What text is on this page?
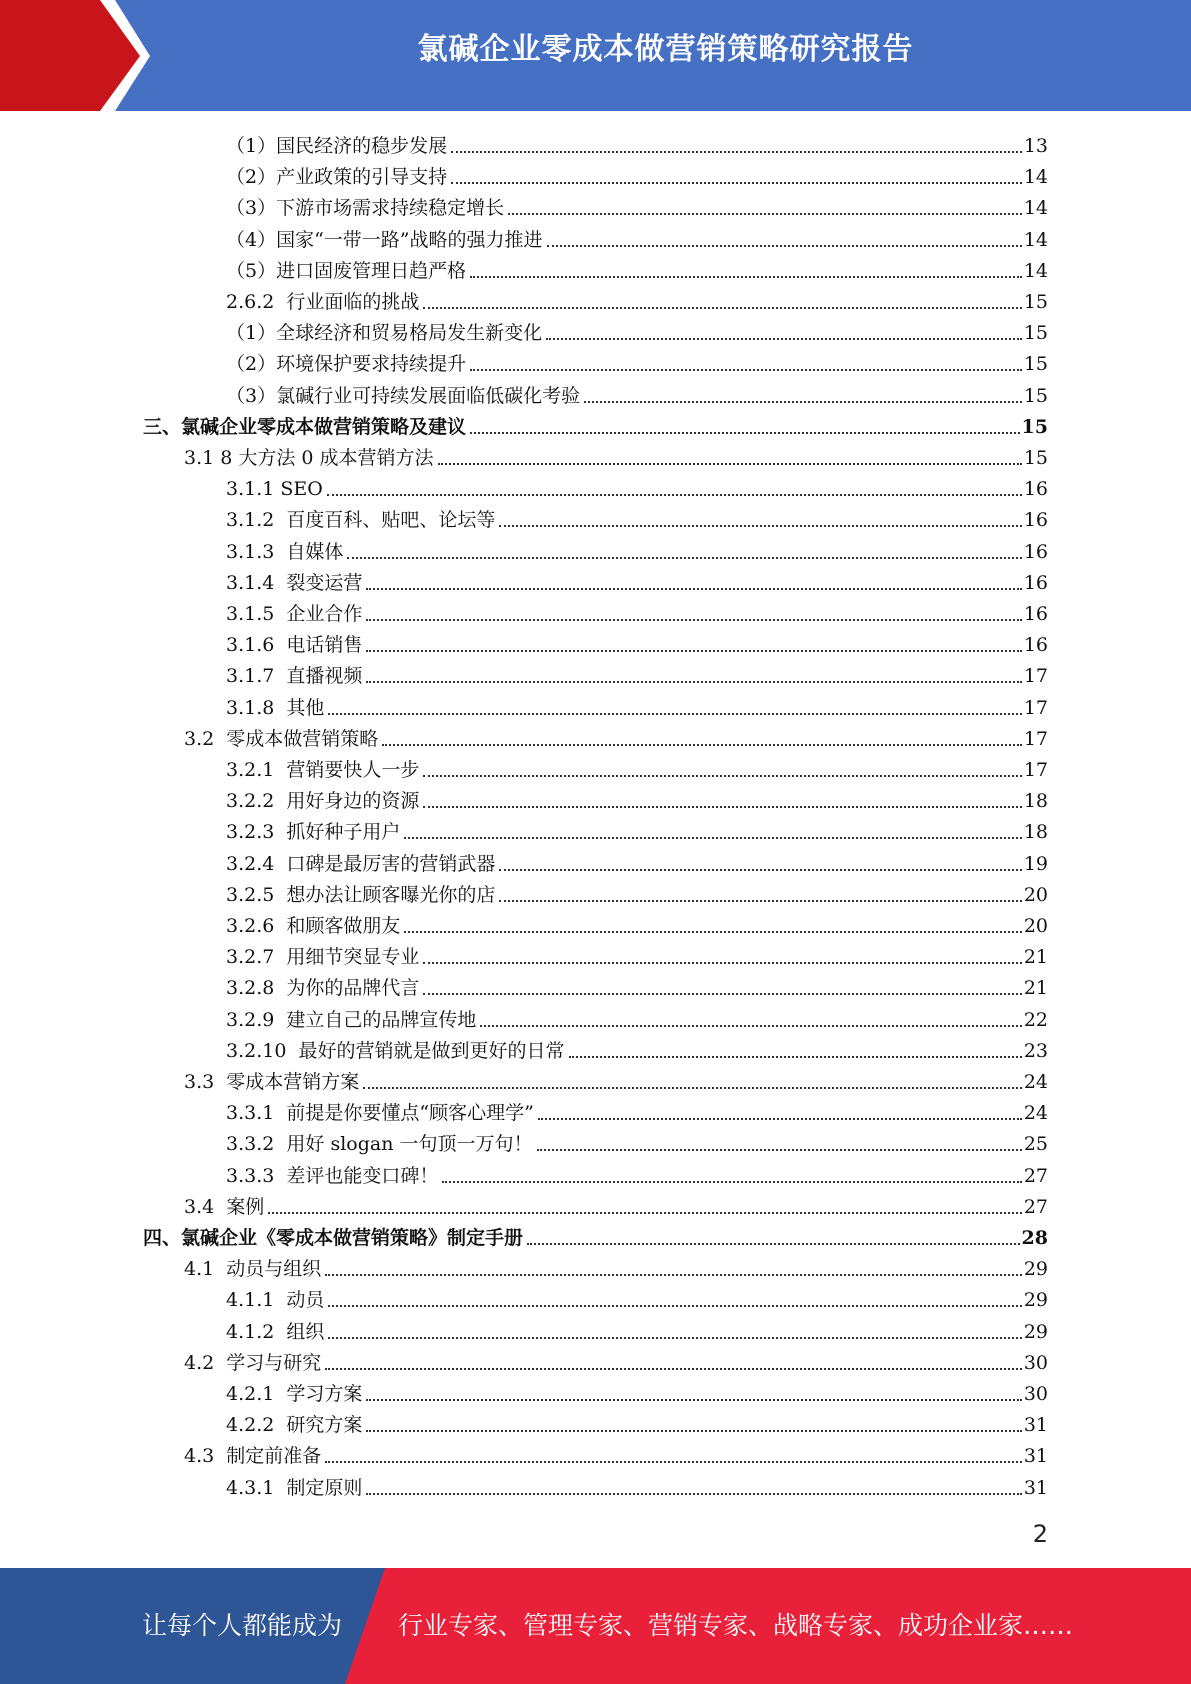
氯碱企业零成本做营销策略研究报告
（1）国民经济的稳步发展	13
（2）产业政策的引导支持	14
（3）下游市场需求持续稳定增长	14
（4）国家“一带一路”战略的强力推进	14
（5）进口固废管理日趋严格	14
2.6.2  行业面临的挑战	15
（1）全球经济和贸易格局发生新变化	15
（2）环境保护要求持续提升	15
（3）氯碱行业可持续发展面临低碳化考验	15
三、氯碱企业零成本做营销策略及建议	15
3.1 8 大方法 0 成本营销方法	15
3.1.1 SEO	16
3.1.2  百度百科、贴吧、论坛等	16
3.1.3  自媒体	16
3.1.4  裂变运营	16
3.1.5  企业合作	16
3.1.6  电话销售	16
3.1.7  直播视频	17
3.1.8  其他	17
3.2  零成本做营销策略	17
3.2.1  营销要快人一步	17
3.2.2  用好身边的资源	18
3.2.3  抓好种子用户	18
3.2.4  口碑是最厉害的营销武器	19
3.2.5  想办法让顾客曝光你的店	20
3.2.6  和顾客做朋友	20
3.2.7  用细节突显专业	21
3.2.8  为你的品牌代言	21
3.2.9  建立自己的品牌宣传地	22
3.2.10  最好的营销就是做到更好的日常	23
3.3  零成本营销方案	24
3.3.1  前提是你要懂点“顾客心理学”	24
3.3.2  用好 slogan 一句顶一万句！	25
3.3.3  差评也能变口碑！	27
3.4  案例	27
四、氯碱企业《零成本做营销策略》制定手册	28
4.1  动员与组织	29
4.1.1  动员	29
4.1.2  组织	29
4.2  学习与研究	30
4.2.1  学习方案	30
4.2.2  研究方案	31
4.3  制定前准备	31
4.3.1  制定原则	31
2
让每个人都能成为 行业专家、管理专家、营销专家、战略专家、成功企业家……
